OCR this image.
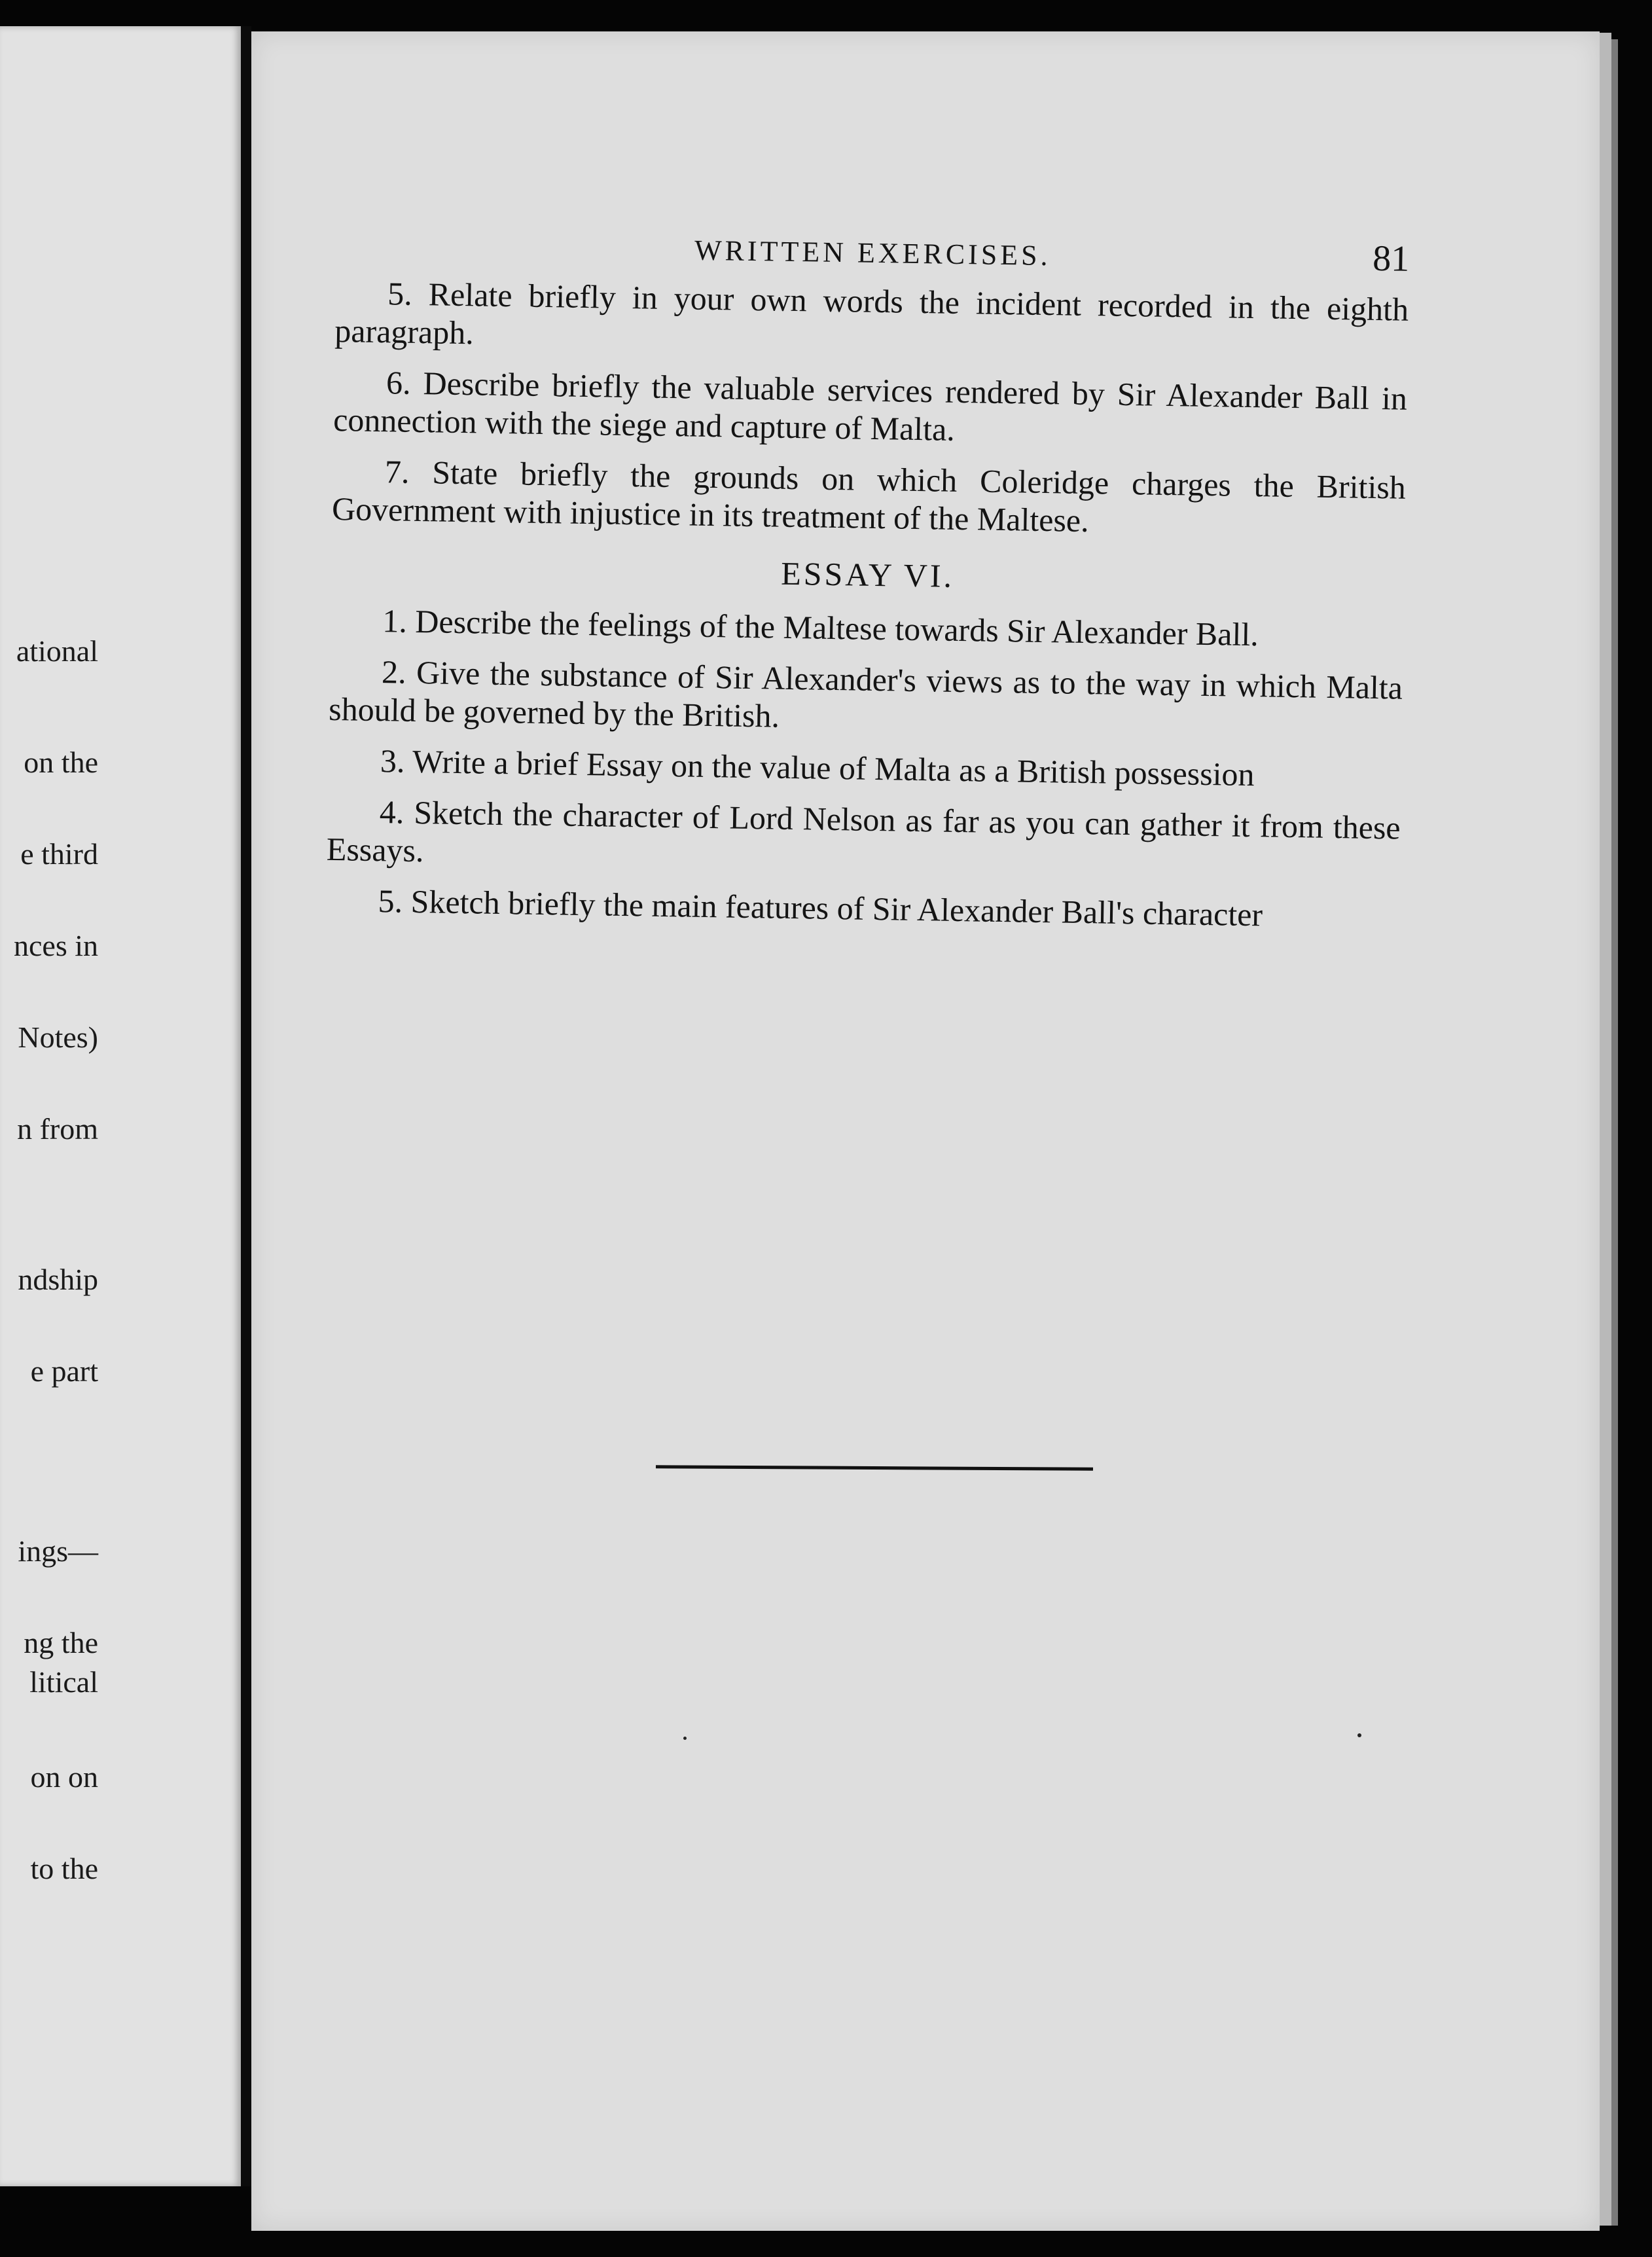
ational
on the
e third
nces in
Notes)
n from
ndship
e part
ings—
ng the
litical
on on
to the
WRITTEN EXERCISES.	81

5. Relate briefly in your own words the incident recorded in the eighth paragraph.

6. Describe briefly the valuable services rendered by Sir Alexander Ball in connection with the siege and capture of Malta.

7. State briefly the grounds on which Coleridge charges the British Government with injustice in its treatment of the Maltese.

ESSAY VI.

1. Describe the feelings of the Maltese towards Sir Alexander Ball.

2. Give the substance of Sir Alexander's views as to the way in which Malta should be governed by the British.

3. Write a brief Essay on the value of Malta as a British possession

4. Sketch the character of Lord Nelson as far as you can gather it from these Essays.

5. Sketch briefly the main features of Sir Alexander Ball's character
